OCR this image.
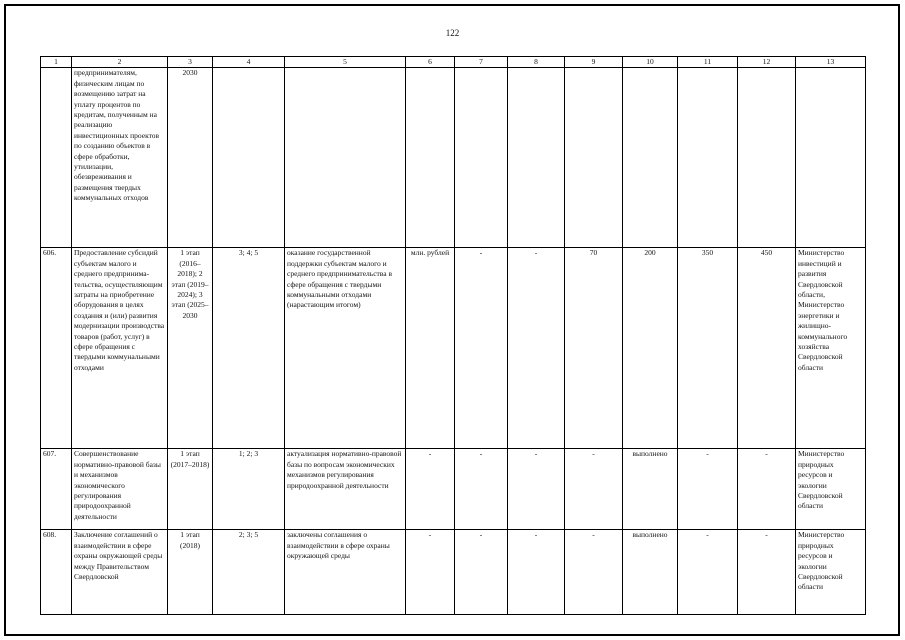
122
1	2	3	4	5	6	7	8	9	10	11	12	13
	предпринимателям, физическим лицам по возмещению затрат на уплату процентов по кредитам, полученным на реализацию инвестиционных проектов по созданию объектов в сфере обработки, утилизации, обезвреживания и размещения твердых коммунальных отходов	2030										
606.	Предоставление субсидий субъектам малого и среднего предпринима-тельства, осуществляющим затраты на приобретение оборудования в целях создания и (или) развития модернизации производства товаров (работ, услуг) в сфере обращения с твердыми коммунальными отходами	1 этап (2016–2018); 2 этап (2019–2024); 3 этап (2025–2030	3; 4; 5	оказание государственной поддержки субъектам малого и среднего предпринимательства в сфере обращения с твердыми коммунальными отходами (нарастающим итогом)	млн. рублей	-	-	70	200	350	450	Министерство инвестиций и развития Свердловской области, Министерство энергетики и жилищно-коммунального хозяйства Свердловской области
607.	Совершенствование нормативно-правовой базы и механизмов экономического регулирования природоохранной деятельности	1 этап (2017–2018)	1; 2; 3	актуализация нормативно-правовой базы по вопросам экономических механизмов регулирования природоохранной деятельности	-	-	-	-	выполнено	-	-	Министерство природных ресурсов и экологии Свердловской области
608.	Заключение соглашений о взаимодействии в сфере охраны окружающей среды между Правительством Свердловской	1 этап (2018)	2; 3; 5	заключены соглашения о взаимодействии в сфере охраны окружающей среды	-	-	-	-	выполнено	-	-	Министерство природных ресурсов и экологии Свердловской области
